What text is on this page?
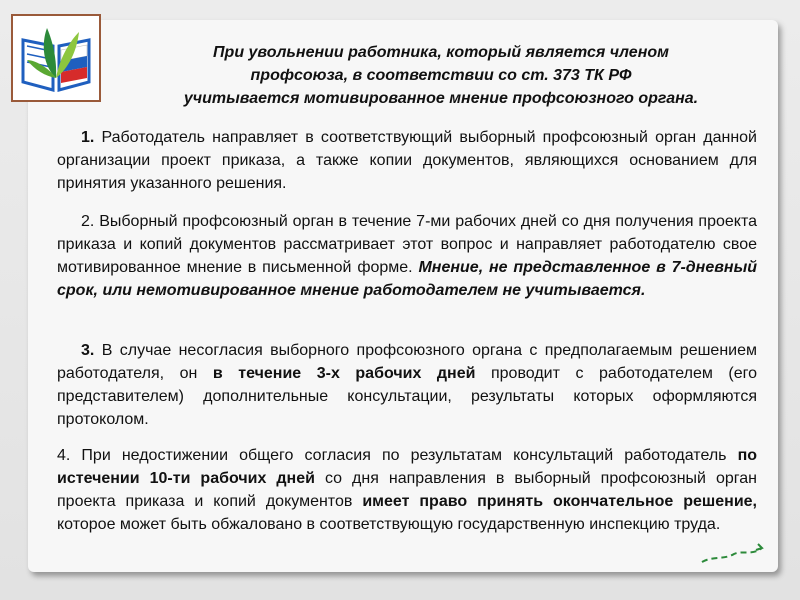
При увольнении работника, который является членом
профсоюза, в соответствии со ст. 373 ТК РФ
учитывается мотивированное мнение профсоюзного органа.
1. Работодатель направляет в соответствующий выборный профсоюзный орган данной организации проект приказа, а также копии документов, являющихся основанием для принятия указанного решения.
2. Выборный профсоюзный орган в течение 7-ми рабочих дней со дня получения проекта приказа и копий документов рассматривает этот вопрос и направляет работодателю свое мотивированное мнение в письменной форме. Мнение, не представленное в 7-дневный срок, или немотивированное мнение работодателем не учитывается.
3. В случае несогласия выборного профсоюзного органа с предполагаемым решением работодателя, он в течение 3-х рабочих дней проводит с работодателем (его представителем) дополнительные консультации, результаты которых оформляются протоколом.
4. При недостижении общего согласия по результатам консультаций работодатель по истечении 10-ти рабочих дней со дня направления в выборный профсоюзный орган проекта приказа и копий документов имеет право принять окончательное решение, которое может быть обжаловано в соответствующую государственную инспекцию труда.
